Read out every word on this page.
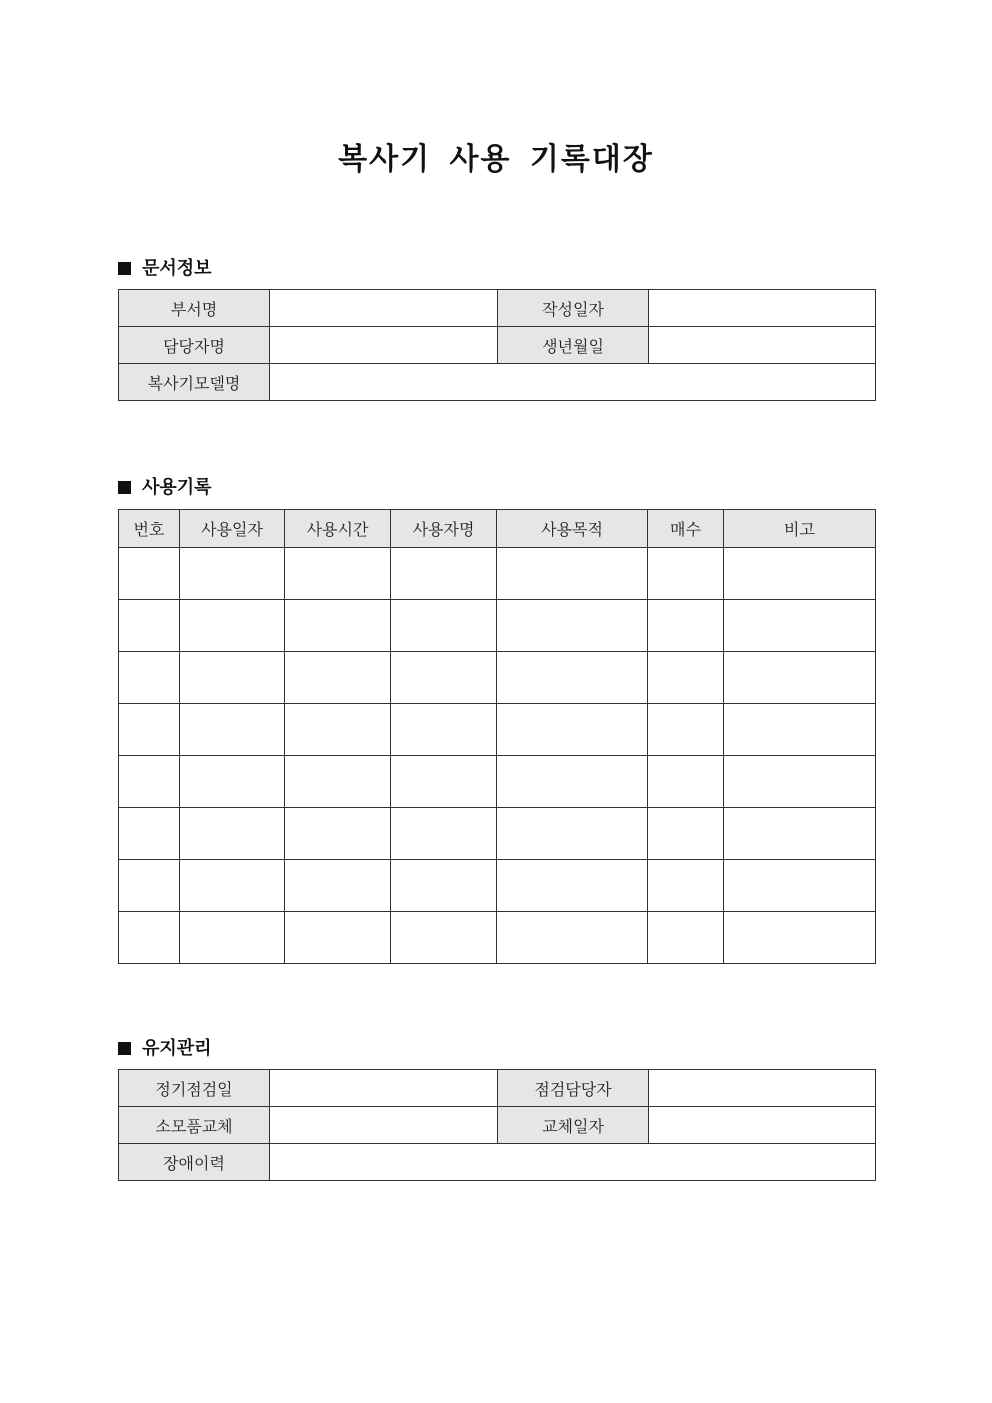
복사기 사용 기록대장
문서정보
부서명		작성일자	
담당자명		생년월일	
복사기모델명			
사용기록
번호	사용일자	사용시간	사용자명	사용목적	매수	비고

유지관리
정기점검일		점검담당자	
소모품교체		교체일자	
장애이력			
